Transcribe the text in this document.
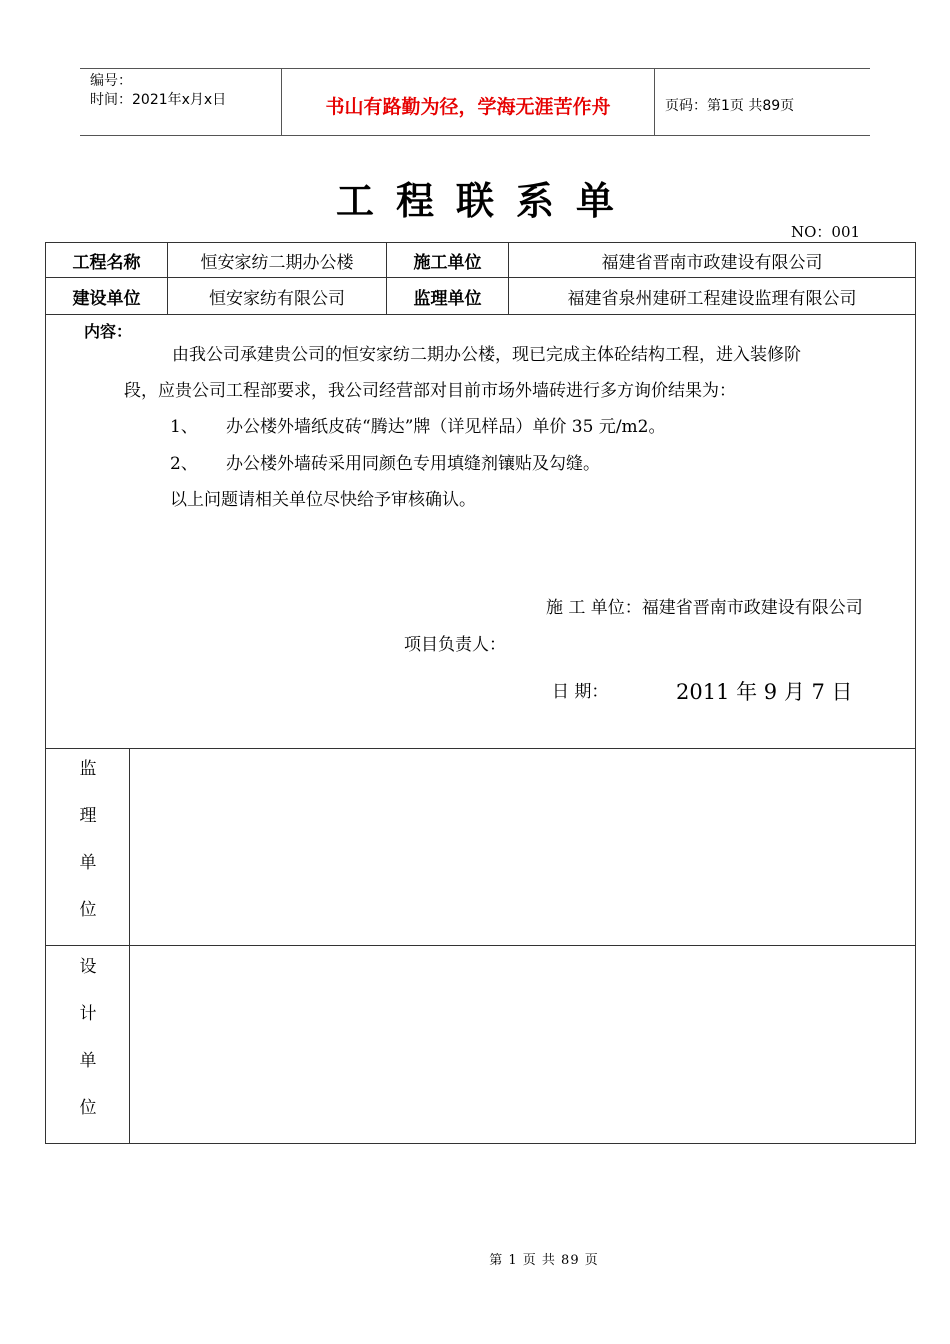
编号：
时间：2021年x月x日	书山有路勤为径，学海无涯苦作舟	页码：第1页 共89页
工程联系单
NO：001
工程名称	恒安家纺二期办公楼	施工单位	福建省晋南市政建设有限公司
建设单位	恒安家纺有限公司	监理单位	福建省泉州建研工程建设监理有限公司
内容：
由我公司承建贵公司的恒安家纺二期办公楼，现已完成主体砼结构工程，进入装修阶
段，应贵公司工程部要求，我公司经营部对目前市场外墙砖进行多方询价结果为：
1、 办公楼外墙纸皮砖“腾达”牌（详见样品）单价 35 元/m2。
2、 办公楼外墙砖采用同颜色专用填缝剂镶贴及勾缝。
以上问题请相关单位尽快给予审核确认。
施 工 单位：福建省晋南市政建设有限公司
项目负责人：
日 期：	2011 年 9 月 7 日
监
理
单
位
设
计
单
位
第 1 页 共 89 页
